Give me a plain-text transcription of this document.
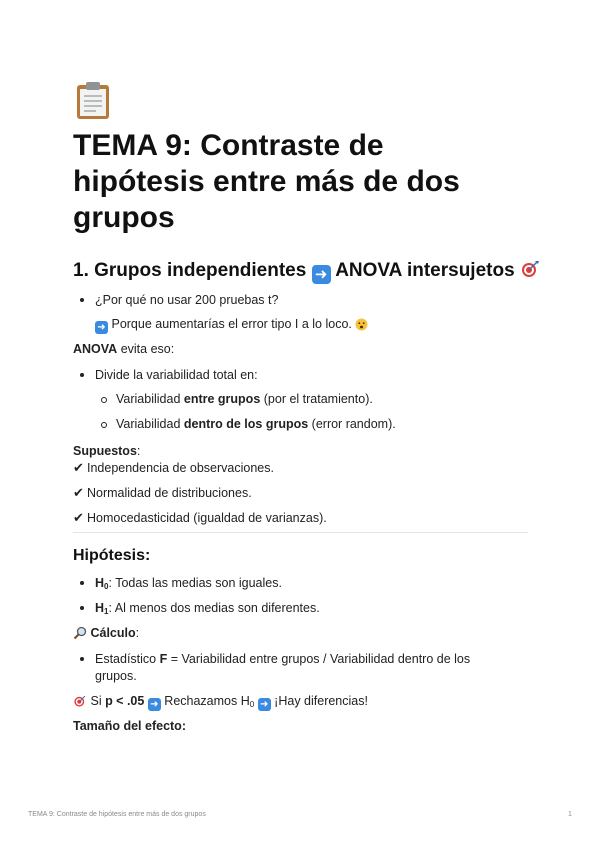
TEMA 9: Contraste de hipótesis entre más de dos grupos
1. Grupos independientes ➜ ANOVA intersujetos
¿Por qué no usar 200 pruebas t?
➜ Porque aumentarías el error tipo I a lo loco.
ANOVA evita eso:
Divide la variabilidad total en:
Variabilidad entre grupos (por el tratamiento).
Variabilidad dentro de los grupos (error random).
Supuestos:
✔ Independencia de observaciones.
✔ Normalidad de distribuciones.
✔ Homocedasticidad (igualdad de varianzas).
Hipótesis:
$H_0$: Todas las medias son iguales.
$H_1$: Al menos dos medias son diferentes.
Cálculo:
Estadístico F = Variabilidad entre grupos / Variabilidad dentro de los
grupos.
Si p < .05 ➜ Rechazamos $H_0$ ➜ ¡Hay diferencias!
Tamaño del efecto:
TEMA 9: Contraste de hipótesis entre más de dos grupos	1
